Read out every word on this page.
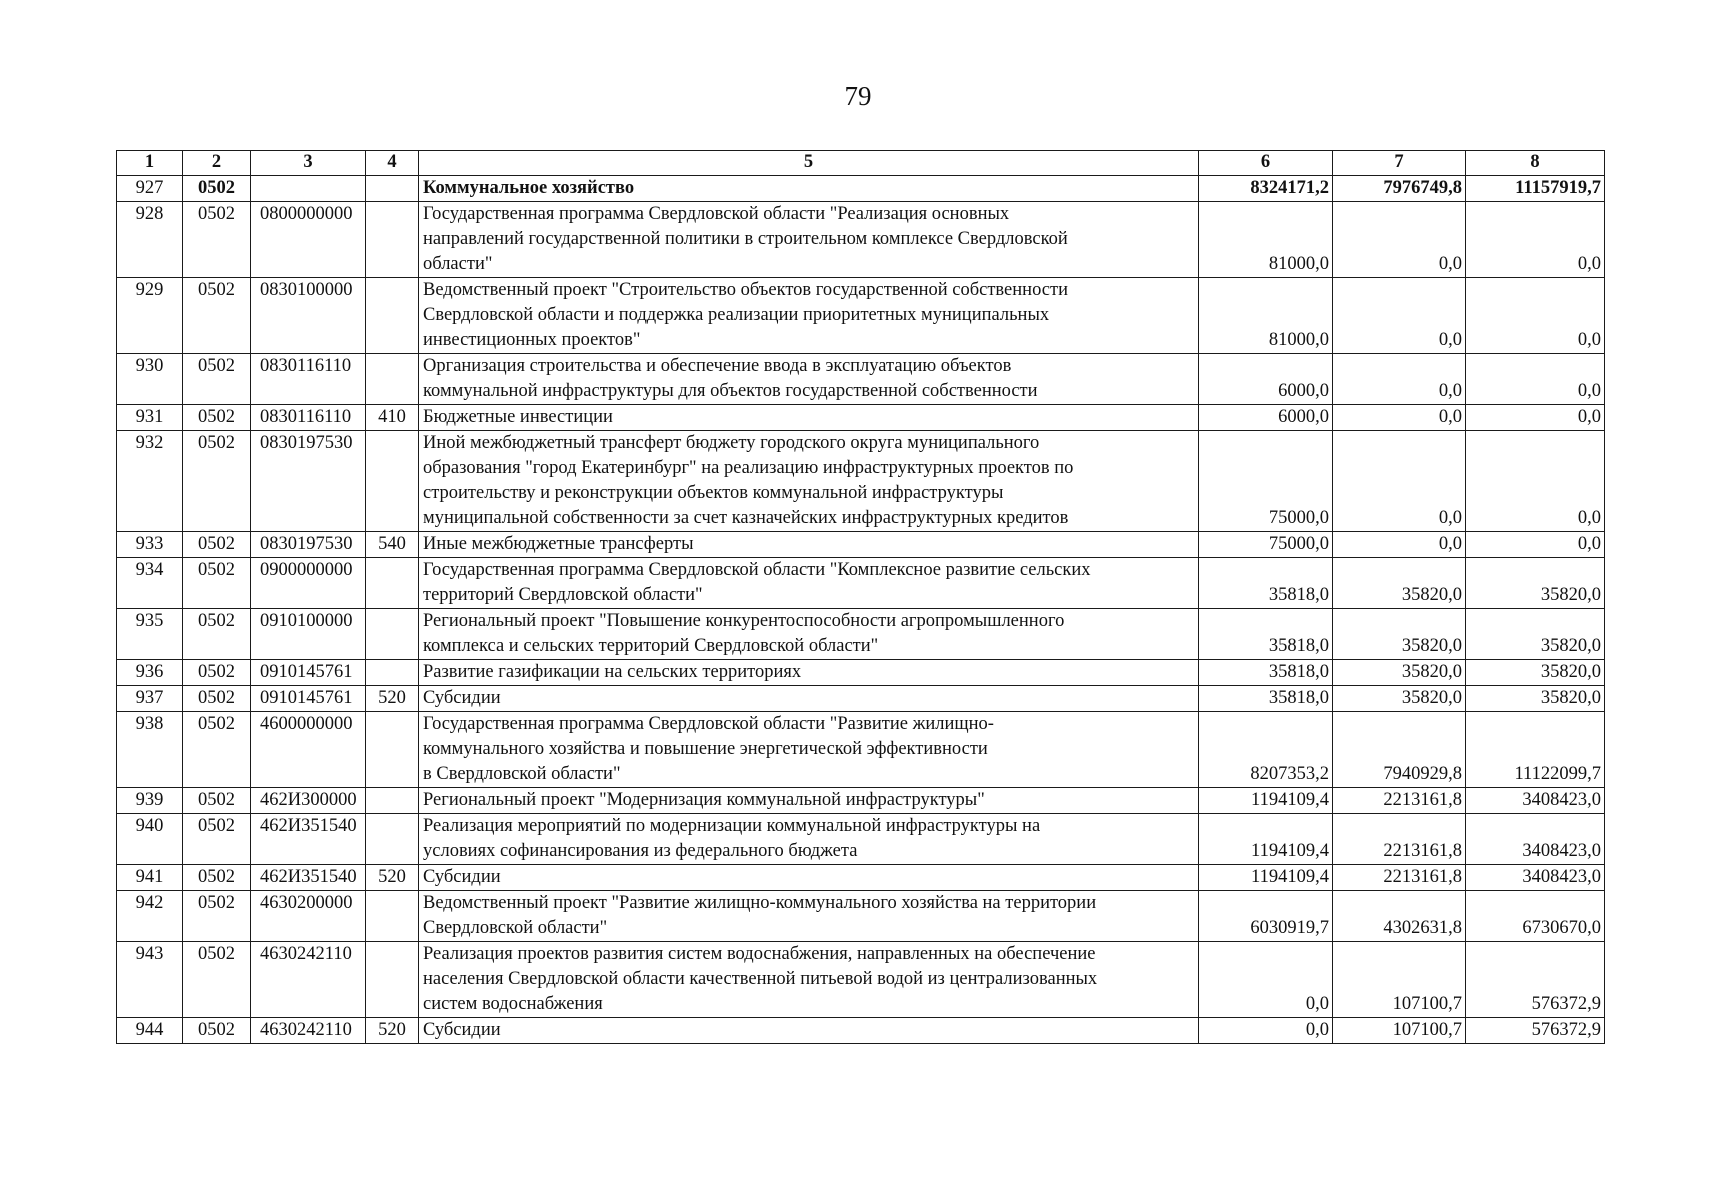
79
1	2	3	4	5	6	7	8
927	0502			Коммунальное хозяйство	8324171,2	7976749,8	11157919,7
928	0502	0800000000		Государственная программа Свердловской области "Реализация основных
направлений государственной политики в строительном комплексе Свердловской
области"	81000,0	0,0	0,0
929	0502	0830100000		Ведомственный проект "Строительство объектов государственной собственности
Свердловской области и поддержка реализации приоритетных муниципальных
инвестиционных проектов"	81000,0	0,0	0,0
930	0502	0830116110		Организация строительства и обеспечение ввода в эксплуатацию объектов
коммунальной инфраструктуры для объектов государственной собственности	6000,0	0,0	0,0
931	0502	0830116110	410	Бюджетные инвестиции	6000,0	0,0	0,0
932	0502	0830197530		Иной межбюджетный трансферт бюджету городского округа муниципального
образования "город Екатеринбург" на реализацию инфраструктурных проектов по
строительству и реконструкции объектов коммунальной инфраструктуры
муниципальной собственности за счет казначейских инфраструктурных кредитов	75000,0	0,0	0,0
933	0502	0830197530	540	Иные межбюджетные трансферты	75000,0	0,0	0,0
934	0502	0900000000		Государственная программа Свердловской области "Комплексное развитие сельских
территорий Свердловской области"	35818,0	35820,0	35820,0
935	0502	0910100000		Региональный проект "Повышение конкурентоспособности агропромышленного
комплекса и сельских территорий Свердловской области"	35818,0	35820,0	35820,0
936	0502	0910145761		Развитие газификации на сельских территориях	35818,0	35820,0	35820,0
937	0502	0910145761	520	Субсидии	35818,0	35820,0	35820,0
938	0502	4600000000		Государственная программа Свердловской области "Развитие жилищно-
коммунального хозяйства и повышение энергетической эффективности
в Свердловской области"	8207353,2	7940929,8	11122099,7
939	0502	462И300000		Региональный проект "Модернизация коммунальной инфраструктуры"	1194109,4	2213161,8	3408423,0
940	0502	462И351540		Реализация мероприятий по модернизации коммунальной инфраструктуры на
условиях софинансирования из федерального бюджета	1194109,4	2213161,8	3408423,0
941	0502	462И351540	520	Субсидии	1194109,4	2213161,8	3408423,0
942	0502	4630200000		Ведомственный проект "Развитие жилищно-коммунального хозяйства на территории
Свердловской области"	6030919,7	4302631,8	6730670,0
943	0502	4630242110		Реализация проектов развития систем водоснабжения, направленных на обеспечение
населения Свердловской области качественной питьевой водой из централизованных
систем водоснабжения	0,0	107100,7	576372,9
944	0502	4630242110	520	Субсидии	0,0	107100,7	576372,9
